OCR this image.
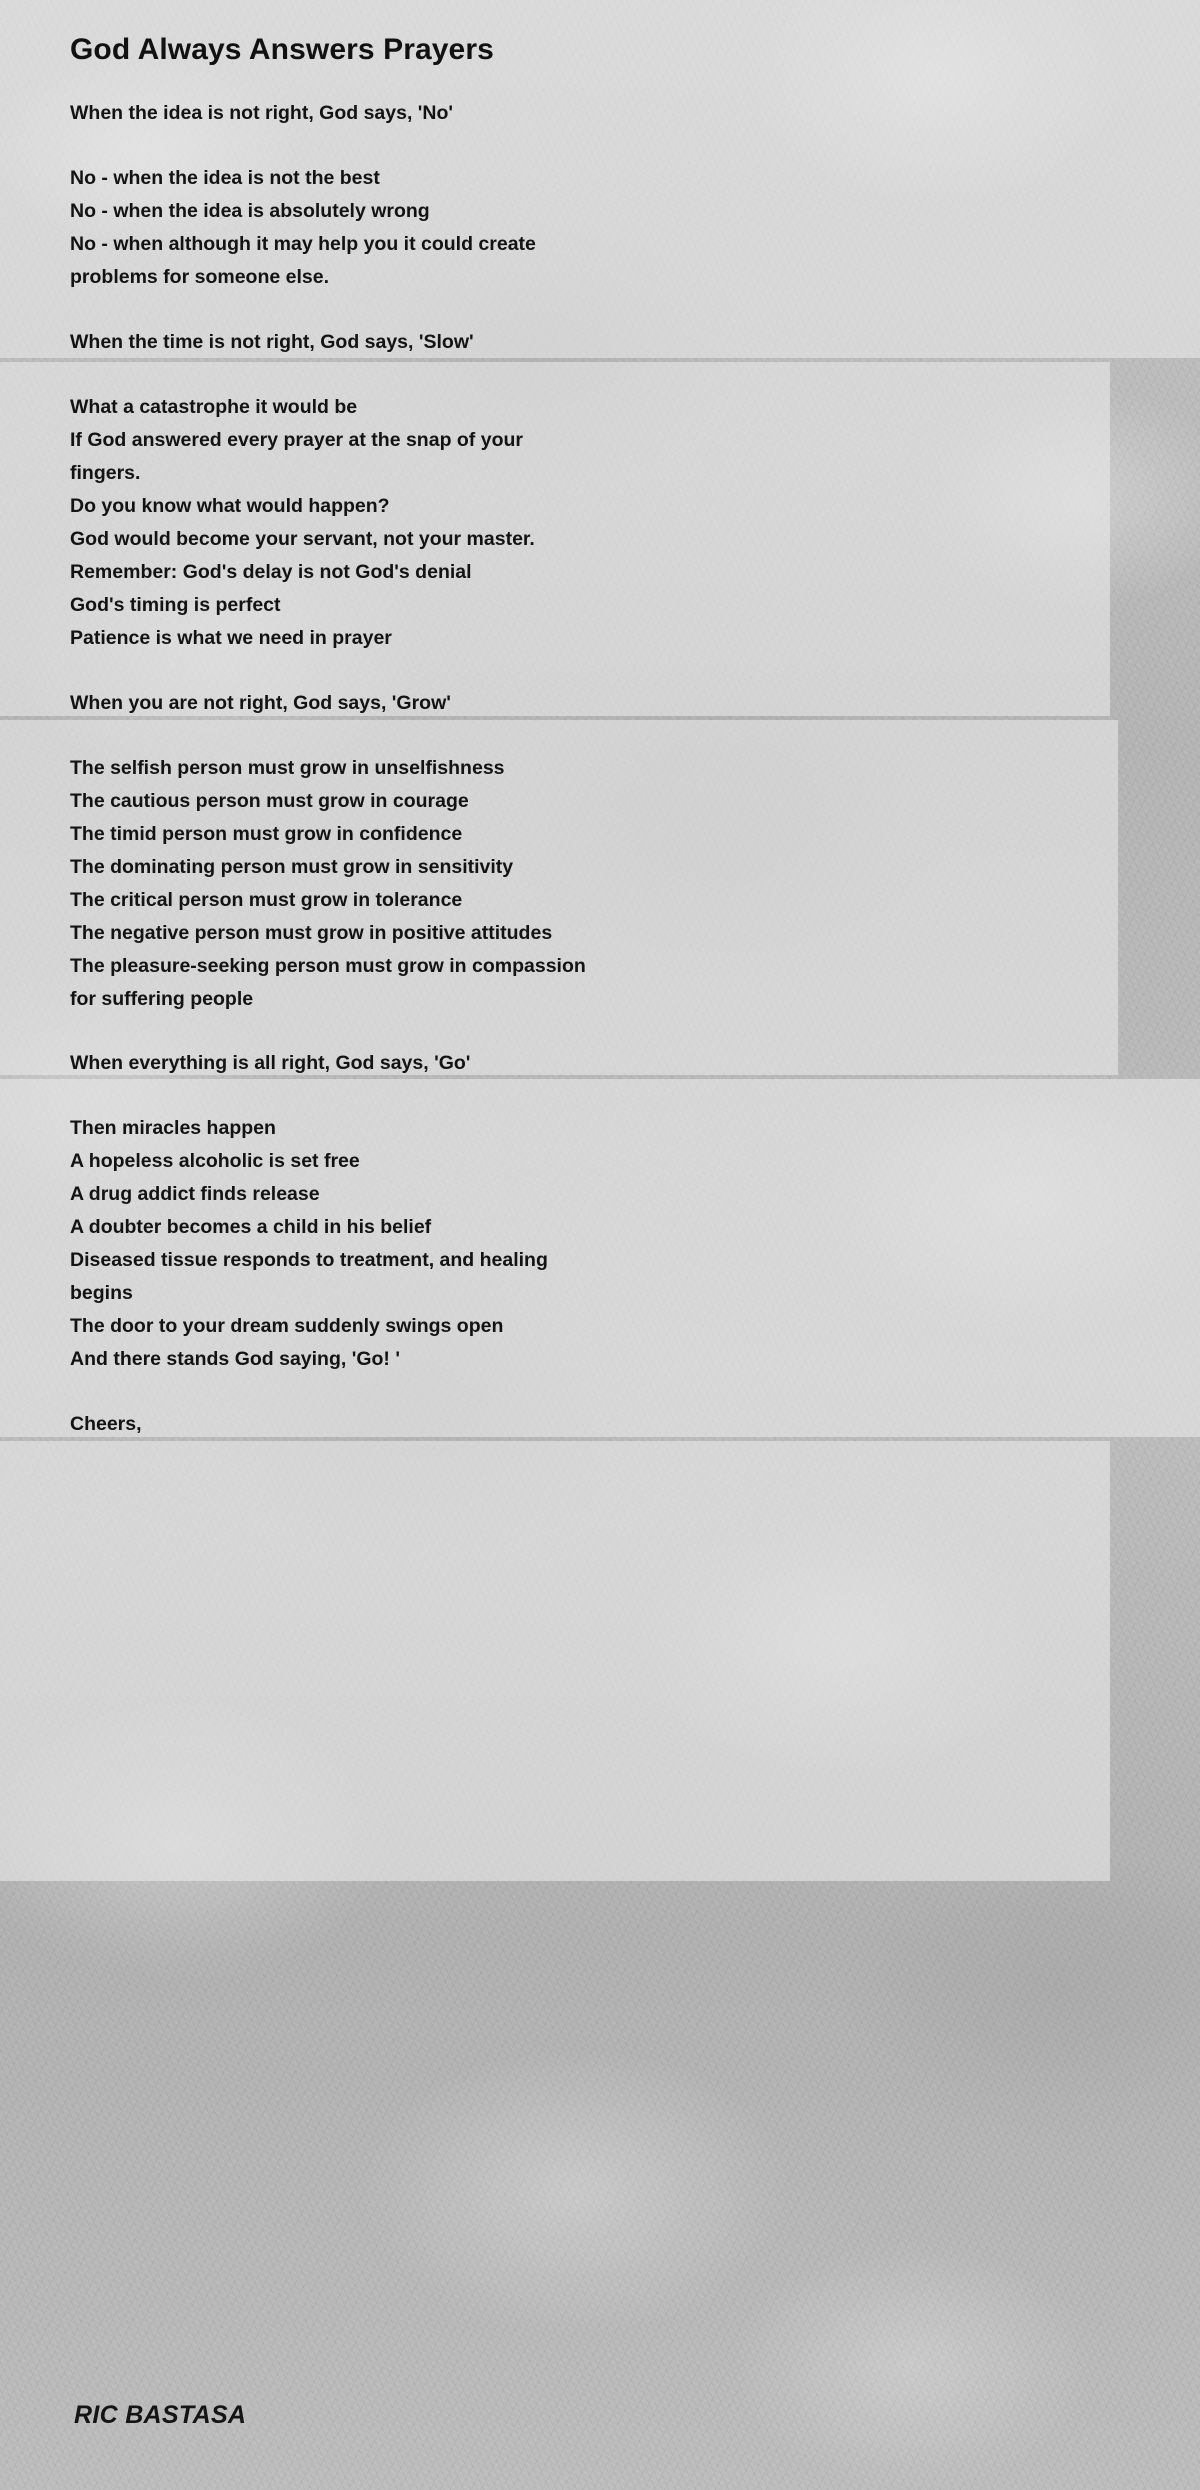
God Always Answers Prayers
When the idea is not right, God says, 'No'
No - when the idea is not the best
No - when the idea is absolutely wrong
No - when although it may help you it could create
problems for someone else.
When the time is not right, God says, 'Slow'
What a catastrophe it would be
If God answered every prayer at the snap of your
fingers.
Do you know what would happen?
God would become your servant, not your master.
Remember: God's delay is not God's denial
God's timing is perfect
Patience is what we need in prayer
When you are not right, God says, 'Grow'
The selfish person must grow in unselfishness
The cautious person must grow in courage
The timid person must grow in confidence
The dominating person must grow in sensitivity
The critical person must grow in tolerance
The negative person must grow in positive attitudes
The pleasure-seeking person must grow in compassion
for suffering people
When everything is all right, God says, 'Go'
Then miracles happen
A hopeless alcoholic is set free
A drug addict finds release
A doubter becomes a child in his belief
Diseased tissue responds to treatment, and healing
begins
The door to your dream suddenly swings open
And there stands God saying, 'Go! '
Cheers,
RIC BASTASA
